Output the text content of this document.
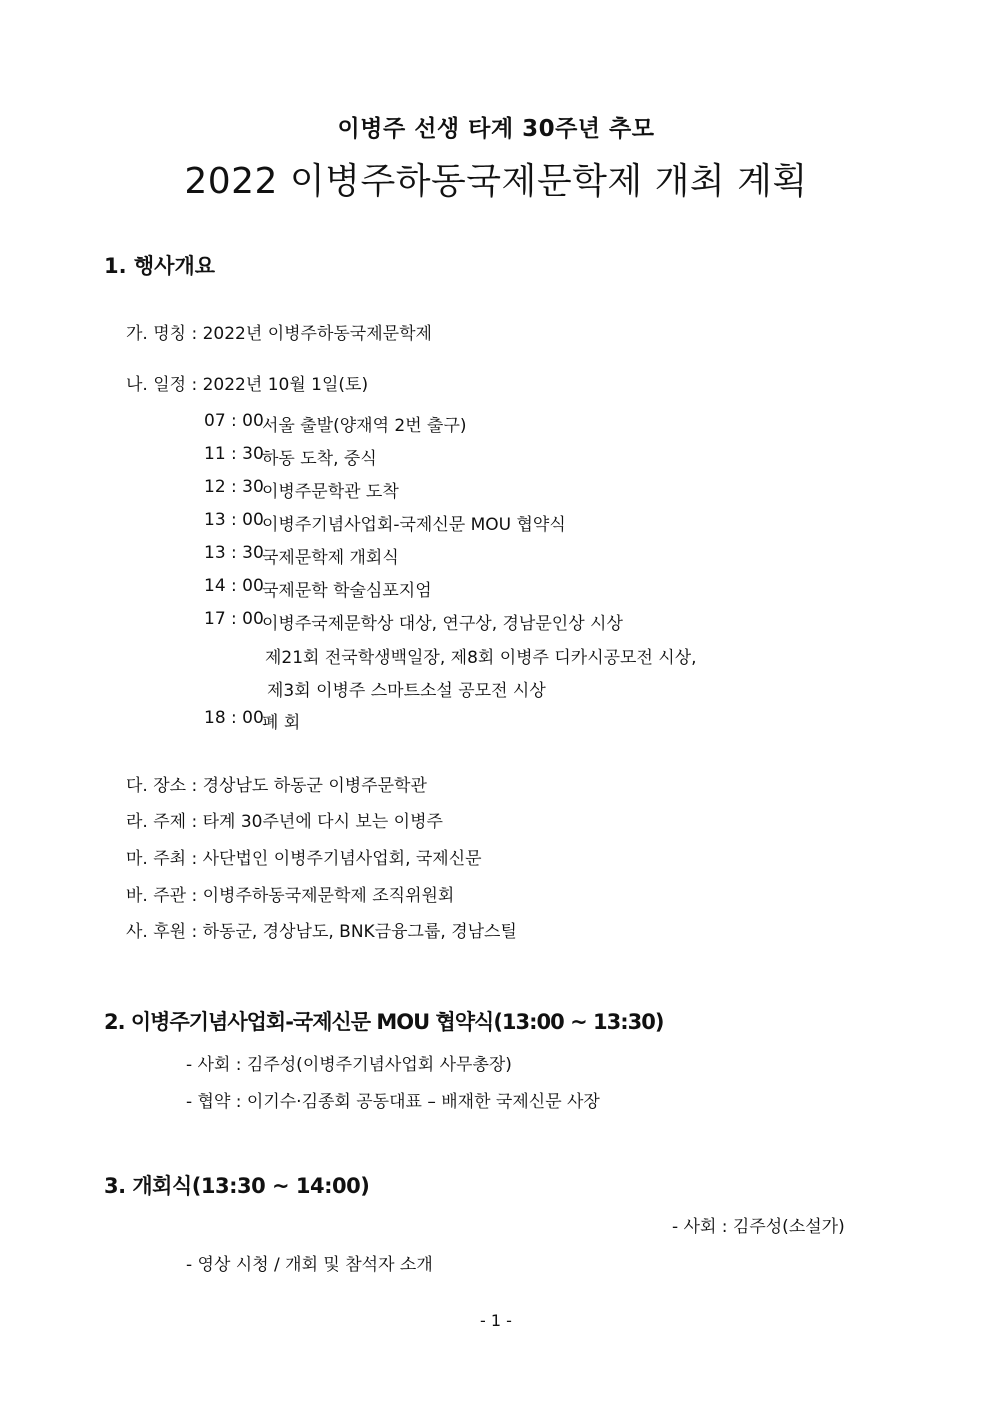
이병주 선생 타계 30주년 추모
2022 이병주하동국제문학제 개최 계획
1. 행사개요
가. 명칭 : 2022년 이병주하동국제문학제
나. 일정 : 2022년 10월 1일(토)
07 : 00
서울 출발(양재역 2번 출구)
11 : 30
하동 도착, 중식
12 : 30
이병주문학관 도착
13 : 00
이병주기념사업회-국제신문 MOU 협약식
13 : 30
국제문학제 개회식
14 : 00
국제문학 학술심포지엄
17 : 00
이병주국제문학상 대상, 연구상, 경남문인상 시상
제21회 전국학생백일장, 제8회 이병주 디카시공모전 시상,
제3회 이병주 스마트소설 공모전 시상
18 : 00
폐 회
다. 장소 : 경상남도 하동군 이병주문학관
라. 주제 : 타계 30주년에 다시 보는 이병주
마. 주최 : 사단법인 이병주기념사업회, 국제신문
바. 주관 : 이병주하동국제문학제 조직위원회
사. 후원 : 하동군, 경상남도, BNK금융그룹, 경남스틸
2. 이병주기념사업회-국제신문 MOU 협약식(13:00 ~ 13:30)
- 사회 : 김주성(이병주기념사업회 사무총장)
- 협약 : 이기수·김종회 공동대표 – 배재한 국제신문 사장
3. 개회식(13:30 ~ 14:00)
- 사회 : 김주성(소설가)
- 영상 시청 / 개회 및 참석자 소개
- 1 -
